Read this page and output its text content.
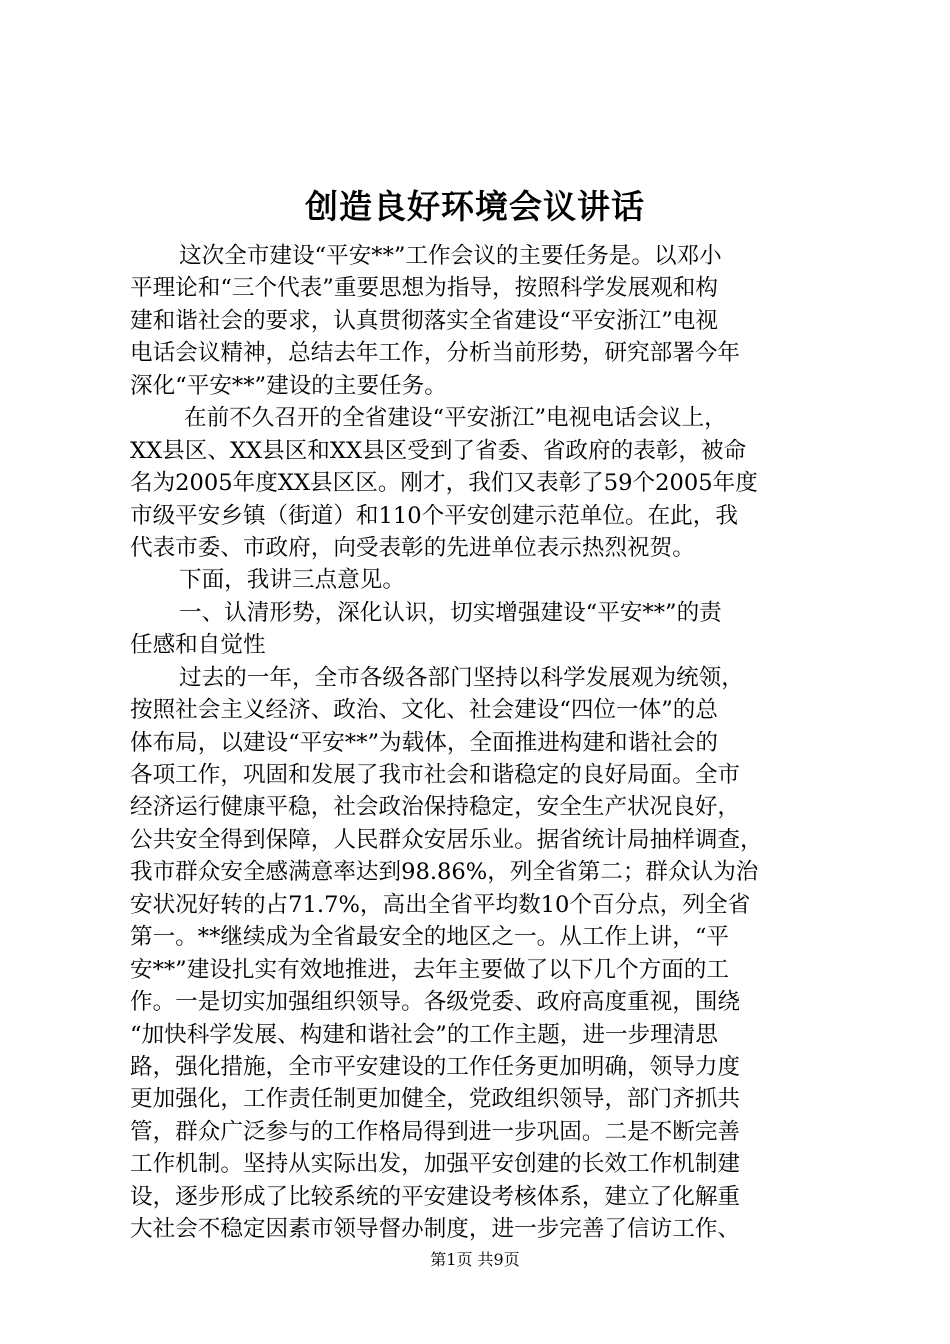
创造良好环境会议讲话
这次全市建设“平安**”工作会议的主要任务是。以邓小
平理论和“三个代表”重要思想为指导，按照科学发展观和构
建和谐社会的要求，认真贯彻落实全省建设“平安浙江”电视
电话会议精神，总结去年工作，分析当前形势，研究部署今年
深化“平安**”建设的主要任务。
在前不久召开的全省建设“平安浙江”电视电话会议上，
XX县区、XX县区和XX县区受到了省委、省政府的表彰，被命
名为2005年度XX县区区。刚才，我们又表彰了59个2005年度
市级平安乡镇（街道）和110个平安创建示范单位。在此，我
代表市委、市政府，向受表彰的先进单位表示热烈祝贺。
下面，我讲三点意见。
一、认清形势，深化认识，切实增强建设“平安**”的责
任感和自觉性
过去的一年，全市各级各部门坚持以科学发展观为统领，
按照社会主义经济、政治、文化、社会建设“四位一体”的总
体布局，以建设“平安**”为载体，全面推进构建和谐社会的
各项工作，巩固和发展了我市社会和谐稳定的良好局面。全市
经济运行健康平稳，社会政治保持稳定，安全生产状况良好，
公共安全得到保障，人民群众安居乐业。据省统计局抽样调查，
我市群众安全感满意率达到98.86%，列全省第二；群众认为治
安状况好转的占71.7%，高出全省平均数10个百分点，列全省
第一。**继续成为全省最安全的地区之一。从工作上讲，“平
安**”建设扎实有效地推进，去年主要做了以下几个方面的工
作。一是切实加强组织领导。各级党委、政府高度重视，围绕
“加快科学发展、构建和谐社会”的工作主题，进一步理清思
路，强化措施，全市平安建设的工作任务更加明确，领导力度
更加强化，工作责任制更加健全，党政组织领导，部门齐抓共
管，群众广泛参与的工作格局得到进一步巩固。二是不断完善
工作机制。坚持从实际出发，加强平安创建的长效工作机制建
设，逐步形成了比较系统的平安建设考核体系，建立了化解重
大社会不稳定因素市领导督办制度，进一步完善了信访工作、
第1页 共9页
